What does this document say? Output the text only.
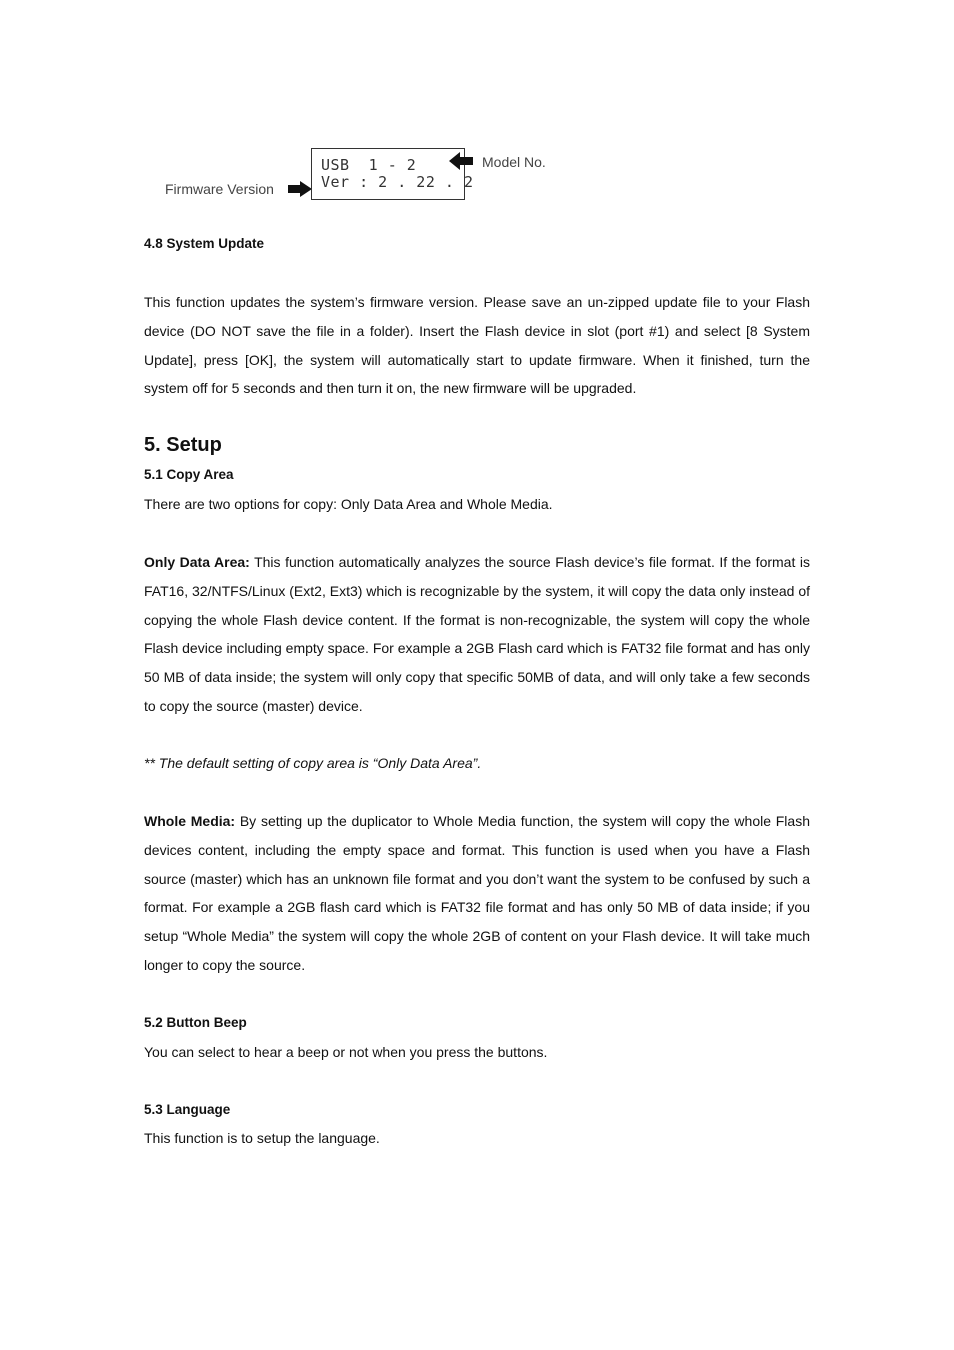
Firmware Version
USB  1 - 2
Ver : 2 . 22 . 2
Model No.
4.8 System Update
This function updates the system’s firmware version. Please save an un-zipped update file to your Flash device (DO NOT save the file in a folder). Insert the Flash device in slot (port #1) and select [8 System Update], press [OK], the system will automatically start to update firmware. When it finished, turn the system off for 5 seconds and then turn it on, the new firmware will be upgraded.
5. Setup
5.1 Copy Area
There are two options for copy: Only Data Area and Whole Media.
Only Data Area: This function automatically analyzes the source Flash device’s file format. If the format is FAT16, 32/NTFS/Linux (Ext2, Ext3) which is recognizable by the system, it will copy the data only instead of copying the whole Flash device content. If the format is non-recognizable, the system will copy the whole Flash device including empty space. For example a 2GB Flash card which is FAT32 file format and has only 50 MB of data inside; the system will only copy that specific 50MB of data, and will only take a few seconds to copy the source (master) device.
** The default setting of copy area is “Only Data Area”.
Whole Media: By setting up the duplicator to Whole Media function, the system will copy the whole Flash devices content, including the empty space and format. This function is used when you have a Flash source (master) which has an unknown file format and you don’t want the system to be confused by such a format. For example a 2GB flash card which is FAT32 file format and has only 50 MB of data inside; if you setup “Whole Media” the system will copy the whole 2GB of content on your Flash device. It will take much longer to copy the source.
5.2 Button Beep
You can select to hear a beep or not when you press the buttons.
5.3 Language
This function is to setup the language.
